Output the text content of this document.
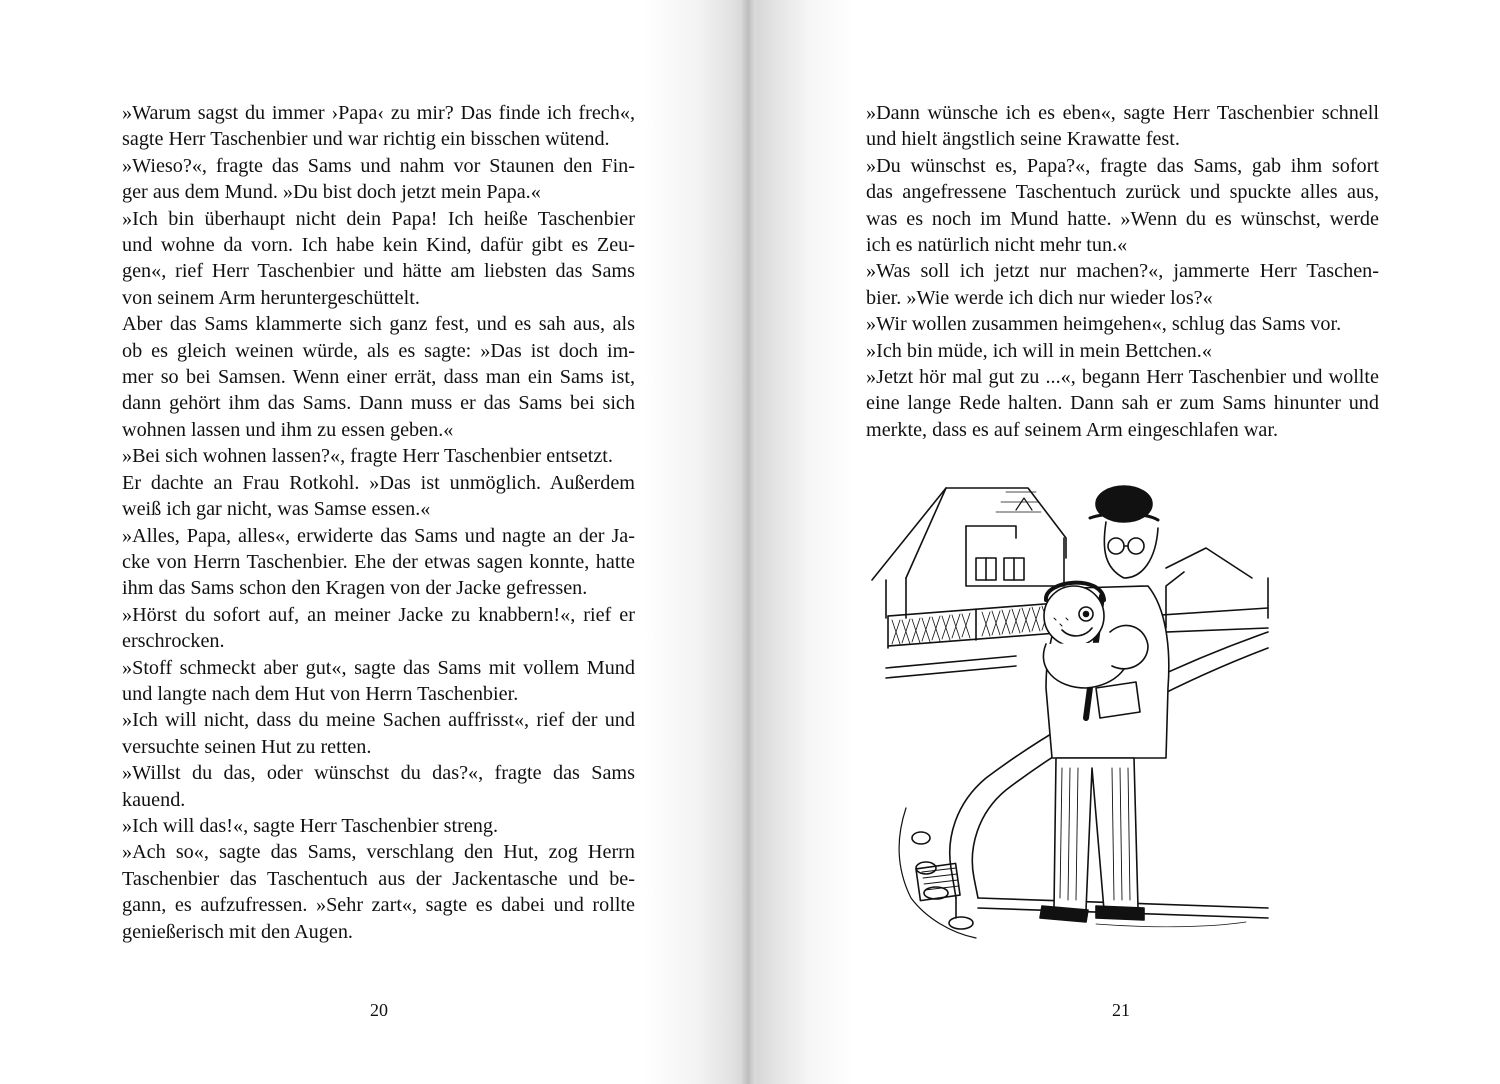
»Warum sagst du immer ›Papa‹ zu mir? Das finde ich frech«,

sagte Herr Taschenbier und war richtig ein bisschen wütend.

»Wieso?«, fragte das Sams und nahm vor Staunen den Fin-

ger aus dem Mund. »Du bist doch jetzt mein Papa.«

»Ich bin überhaupt nicht dein Papa! Ich heiße Taschenbier

und wohne da vorn. Ich habe kein Kind, dafür gibt es Zeu-

gen«, rief Herr Taschenbier und hätte am liebsten das Sams

von seinem Arm heruntergeschüttelt.

Aber das Sams klammerte sich ganz fest, und es sah aus, als

ob es gleich weinen würde, als es sagte: »Das ist doch im-

mer so bei Samsen. Wenn einer errät, dass man ein Sams ist,

dann gehört ihm das Sams. Dann muss er das Sams bei sich

wohnen lassen und ihm zu essen geben.«

»Bei sich wohnen lassen?«, fragte Herr Taschenbier entsetzt.

Er dachte an Frau Rotkohl. »Das ist unmöglich. Außerdem

weiß ich gar nicht, was Samse essen.«

»Alles, Papa, alles«, erwiderte das Sams und nagte an der Ja-

cke von Herrn Taschenbier. Ehe der etwas sagen konnte, hatte

ihm das Sams schon den Kragen von der Jacke gefressen.

»Hörst du sofort auf, an meiner Jacke zu knabbern!«, rief er

erschrocken.

»Stoff schmeckt aber gut«, sagte das Sams mit vollem Mund

und langte nach dem Hut von Herrn Taschenbier.

»Ich will nicht, dass du meine Sachen auffrisst«, rief der und

versuchte seinen Hut zu retten.

»Willst du das, oder wünschst du das?«, fragte das Sams

kauend.

»Ich will das!«, sagte Herr Taschenbier streng.

»Ach so«, sagte das Sams, verschlang den Hut, zog Herrn

Taschenbier das Taschentuch aus der Jackentasche und be-

gann, es aufzufressen. »Sehr zart«, sagte es dabei und rollte

genießerisch mit den Augen.

20

»Dann wünsche ich es eben«, sagte Herr Taschenbier schnell

und hielt ängstlich seine Krawatte fest.

»Du wünschst es, Papa?«, fragte das Sams, gab ihm sofort

das angefressene Taschentuch zurück und spuckte alles aus,

was es noch im Mund hatte. »Wenn du es wünschst, werde

ich es natürlich nicht mehr tun.«

»Was soll ich jetzt nur machen?«, jammerte Herr Taschen-

bier. »Wie werde ich dich nur wieder los?«

»Wir wollen zusammen heimgehen«, schlug das Sams vor.

»Ich bin müde, ich will in mein Bettchen.«

»Jetzt hör mal gut zu ...«, begann Herr Taschenbier und wollte

eine lange Rede halten. Dann sah er zum Sams hinunter und

merkte, dass es auf seinem Arm eingeschlafen war.

21
